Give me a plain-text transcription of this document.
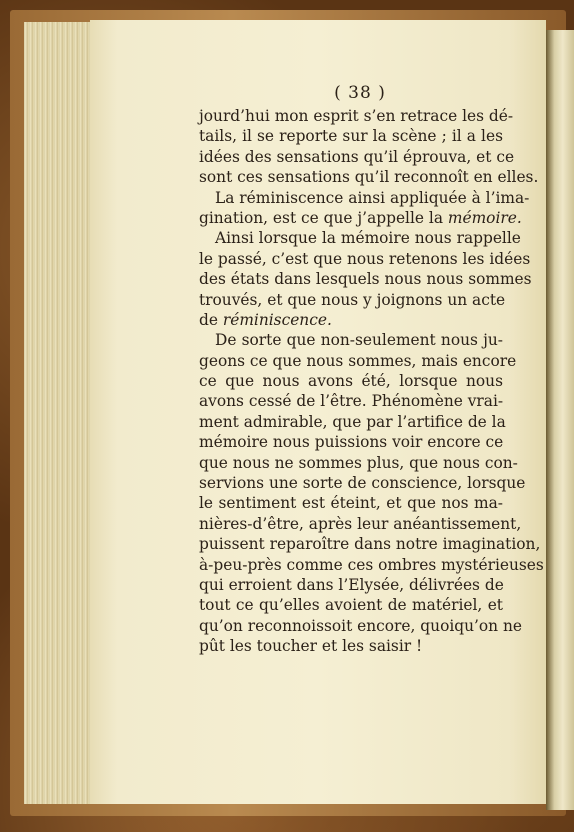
( 38 )
jourd’hui mon esprit s’en retrace les dé-
tails, il se reporte sur la scène ; il a les
idées des sensations qu’il éprouva, et ce
sont ces sensations qu’il reconnoît en elles.
La réminiscence ainsi appliquée à l’ima-
gination, est ce que j’appelle la mémoire.
Ainsi lorsque la mémoire nous rappelle
le passé, c’est que nous retenons les idées
des états dans lesquels nous nous sommes
trouvés, et que nous y joignons un acte
de réminiscence.
De sorte que non-seulement nous ju-
geons ce que nous sommes, mais encore
ce que nous avons été, lorsque nous
avons cessé de l’être. Phénomène vrai-
ment admirable, que par l’artifice de la
mémoire nous puissions voir encore ce
que nous ne sommes plus, que nous con-
servions une sorte de conscience, lorsque
le sentiment est éteint, et que nos ma-
nières-d’être, après leur anéantissement,
puissent reparoître dans notre imagination,
à-peu-près comme ces ombres mystérieuses
qui erroient dans l’Elysée, délivrées de
tout ce qu’elles avoient de matériel, et
qu’on reconnoissoit encore, quoiqu’on ne
pût les toucher et les saisir !
